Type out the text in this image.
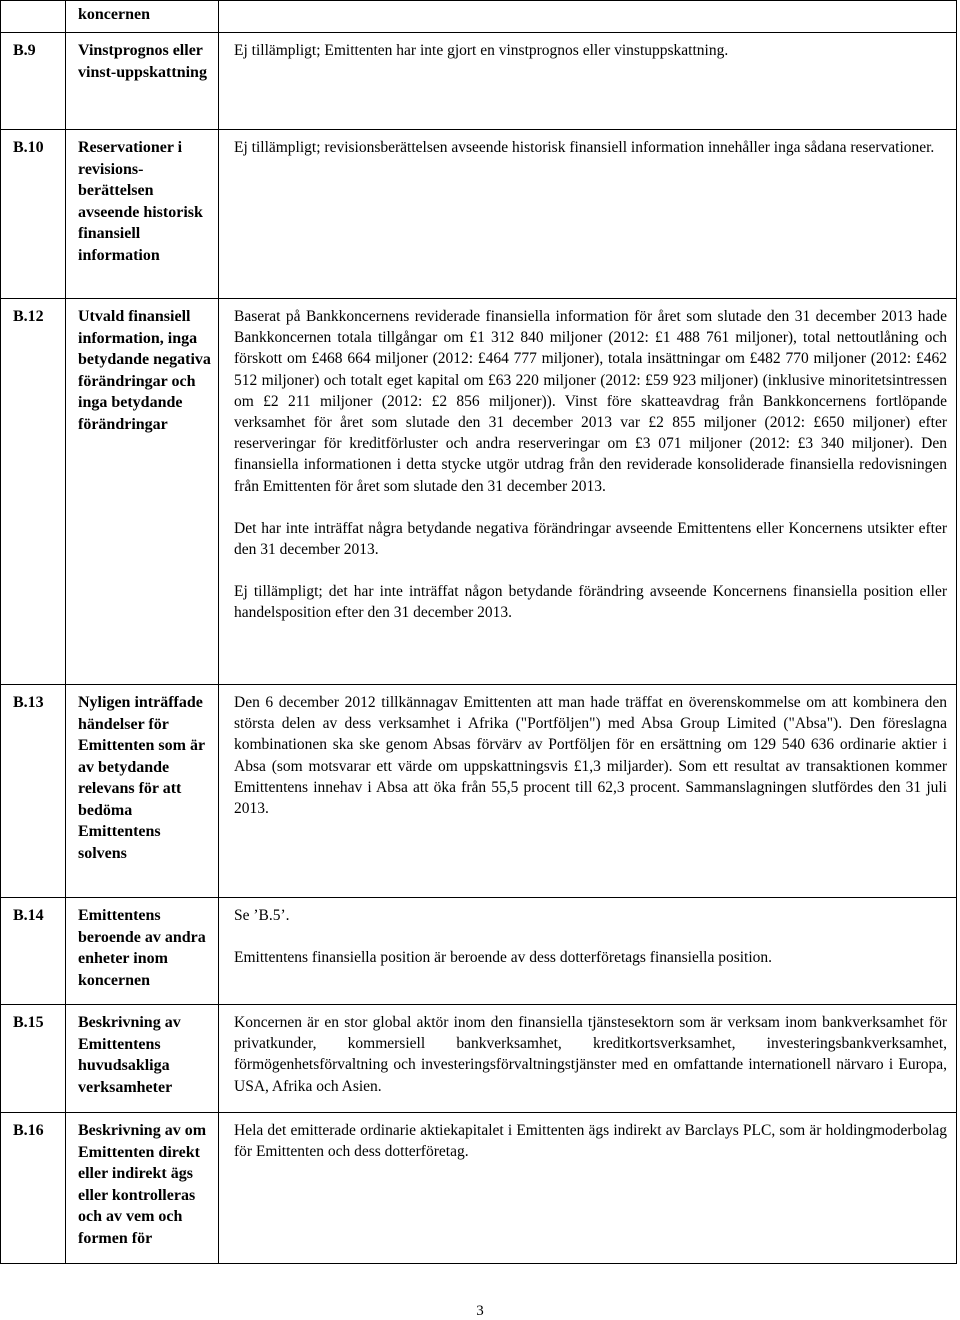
	koncernen	

B.9	Vinstprognos eller vinst-uppskattning	Ej tillämpligt; Emittenten har inte gjort en vinstprognos eller vinstuppskattning.

B.10	Reservationer i revisions-berättelsen avseende historisk finansiell information	Ej tillämpligt; revisionsberättelsen avseende historisk finansiell information innehåller inga sådana reservationer.

B.12	Utvald finansiell information, inga betydande negativa förändringar och inga betydande förändringar	Baserat på Bankkoncernens reviderade finansiella information för året som slutade den 31 december 2013 hade Bankkoncernen totala tillgångar om £1 312 840 miljoner (2012: £1 488 761 miljoner), total nettoutlåning och förskott om £468 664 miljoner (2012: £464 777 miljoner), totala insättningar om £482 770 miljoner (2012: £462 512 miljoner) och totalt eget kapital om £63 220 miljoner (2012: £59 923 miljoner) (inklusive minoritetsintressen om £2 211 miljoner (2012: £2 856 miljoner)). Vinst före skatteavdrag från Bankkoncernens fortlöpande verksamhet för året som slutade den 31 december 2013 var £2 855 miljoner (2012: £650 miljoner) efter reserveringar för kreditförluster och andra reserveringar om £3 071 miljoner (2012: £3 340 miljoner). Den finansiella informationen i detta stycke utgör utdrag från den reviderade konsoliderade finansiella redovisningen från Emittenten för året som slutade den 31 december 2013.

Det har inte inträffat några betydande negativa förändringar avseende Emittentens eller Koncernens utsikter efter den 31 december 2013.

Ej tillämpligt; det har inte inträffat någon betydande förändring avseende Koncernens finansiella position eller handelsposition efter den 31 december 2013.

B.13	Nyligen inträffade händelser för Emittenten som är av betydande relevans för att bedöma Emittentens solvens	Den 6 december 2012 tillkännagav Emittenten att man hade träffat en överenskommelse om att kombinera den största delen av dess verksamhet i Afrika ("Portföljen") med Absa Group Limited ("Absa"). Den föreslagna kombinationen ska ske genom Absas förvärv av Portföljen för en ersättning om 129 540 636 ordinarie aktier i Absa (som motsvarar ett värde om uppskattningsvis £1,3 miljarder). Som ett resultat av transaktionen kommer Emittentens innehav i Absa att öka från 55,5 procent till 62,3 procent. Sammanslagningen slutfördes den 31 juli 2013.

B.14	Emittentens beroende av andra enheter inom koncernen	Se ’B.5’.

Emittentens finansiella position är beroende av dess dotterföretags finansiella position.

B.15	Beskrivning av Emittentens huvudsakliga verksamheter	Koncernen är en stor global aktör inom den finansiella tjänstesektorn som är verksam inom bankverksamhet för privatkunder, kommersiell bankverksamhet, kreditkortsverksamhet, investeringsbankverksamhet, förmögenhetsförvaltning och investeringsförvaltningstjänster med en omfattande internationell närvaro i Europa, USA, Afrika och Asien.

B.16	Beskrivning av om Emittenten direkt eller indirekt ägs eller kontrolleras och av vem och formen för	Hela det emitterade ordinarie aktiekapitalet i Emittenten ägs indirekt av Barclays PLC, som är holdingmoderbolag för Emittenten och dess dotterföretag.

3
